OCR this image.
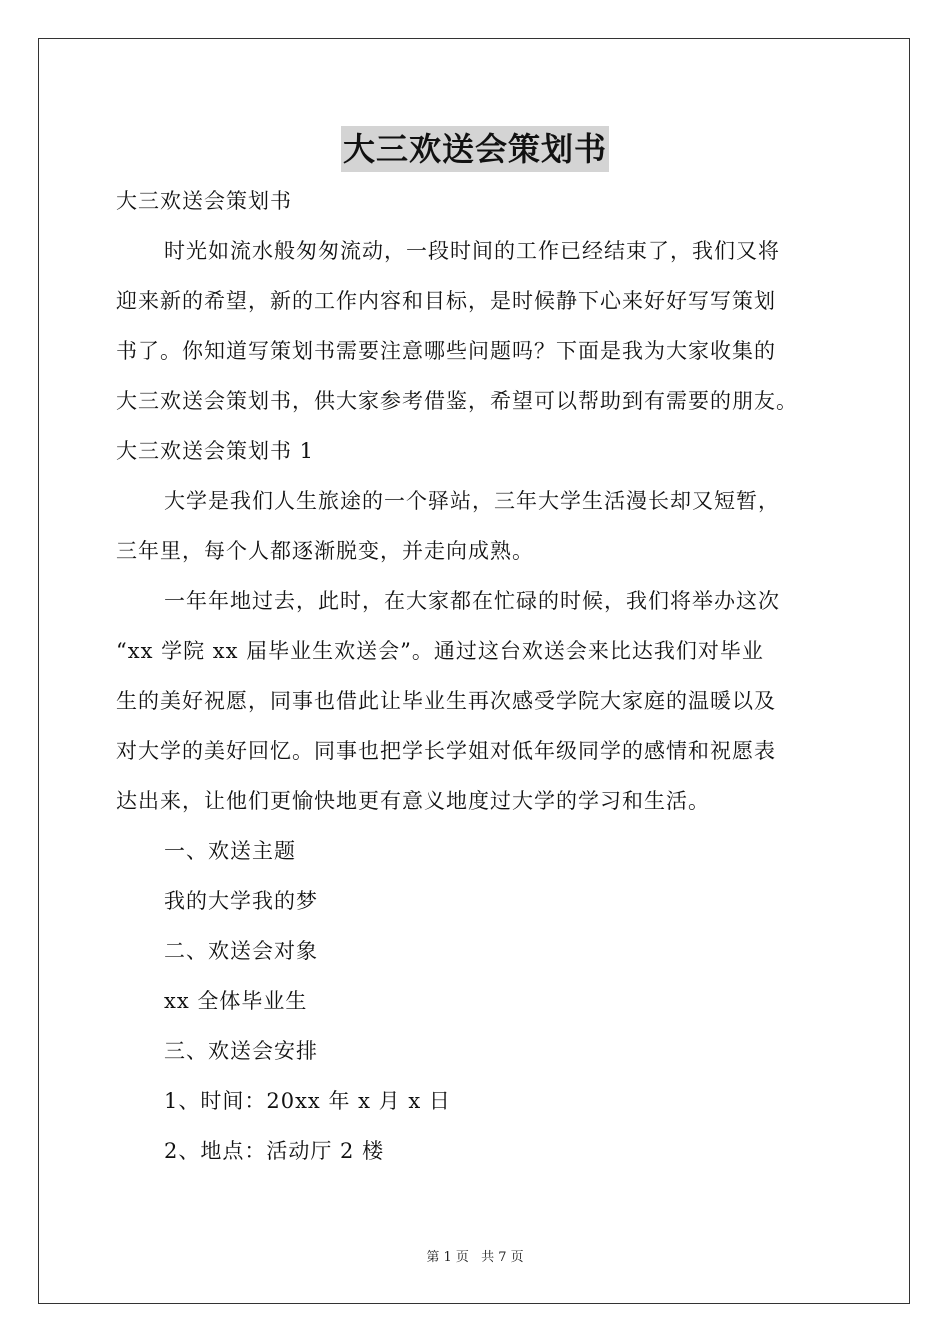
大三欢送会策划书
大三欢送会策划书
时光如流水般匆匆流动，一段时间的工作已经结束了，我们又将
迎来新的希望，新的工作内容和目标，是时候静下心来好好写写策划
书了。你知道写策划书需要注意哪些问题吗？下面是我为大家收集的
大三欢送会策划书，供大家参考借鉴，希望可以帮助到有需要的朋友。
大三欢送会策划书 1
大学是我们人生旅途的一个驿站，三年大学生活漫长却又短暂，
三年里，每个人都逐渐脱变，并走向成熟。
一年年地过去，此时，在大家都在忙碌的时候，我们将举办这次
“xx 学院 xx 届毕业生欢送会”。通过这台欢送会来比达我们对毕业
生的美好祝愿，同事也借此让毕业生再次感受学院大家庭的温暖以及
对大学的美好回忆。同事也把学长学姐对低年级同学的感情和祝愿表
达出来，让他们更愉快地更有意义地度过大学的学习和生活。
一、欢送主题
我的大学我的梦
二、欢送会对象
xx 全体毕业生
三、欢送会安排
1、时间：20xx 年 x 月 x 日
2、地点：活动厅 2 楼
第 1 页 共 7 页
